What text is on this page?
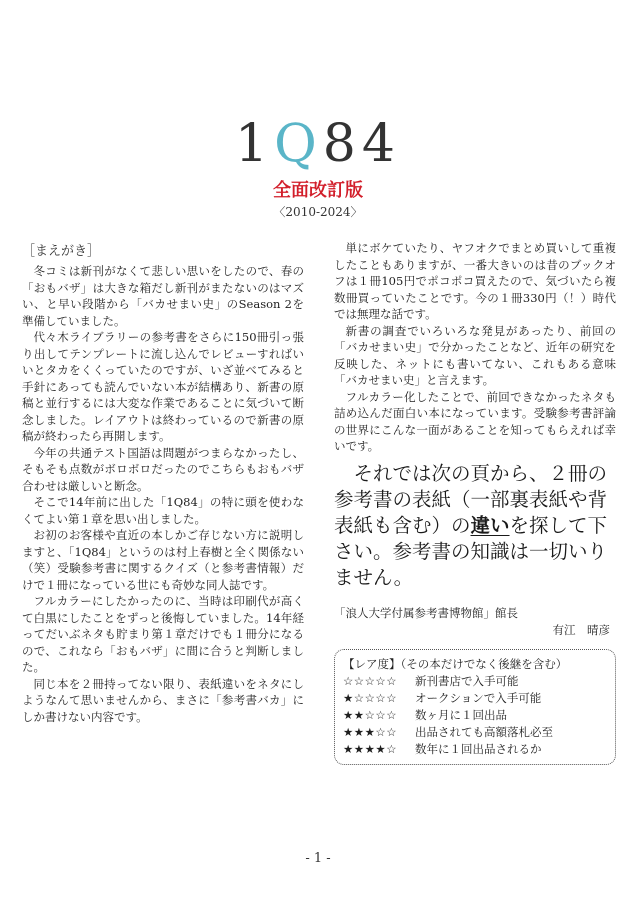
1Q84
全面改訂版
〈2010-2024〉
［まえがき］

冬コミは新刊がなくて悲しい思いをしたので、春の「おもバザ」は大きな箱だし新刊がまたないのはマズい、と早い段階から「バカせまい史」のSeason 2を準備していました。

代々木ライブラリーの参考書をさらに150冊引っ張り出してテンプレートに流し込んでレビューすればいいとタカをくくっていたのですが、いざ並べてみると手針にあっても読んでいない本が結構あり、新書の原稿と並行するには大変な作業であることに気づいて断念しました。レイアウトは終わっているので新書の原稿が終わったら再開します。

今年の共通テスト国語は問題がつまらなかったし、そもそも点数がボロボロだったのでこちらもおもバザ合わせは厳しいと断念。

そこで14年前に出した「1Q84」の特に頭を使わなくてよい第１章を思い出しました。

お初のお客様や直近の本しかご存じない方に説明しますと、「1Q84」というのは村上春樹と全く関係ない（笑）受験参考書に関するクイズ（と参考書情報）だけで１冊になっている世にも奇妙な同人誌です。

フルカラーにしたかったのに、当時は印刷代が高くて白黒にしたことをずっと後悔していました。14年経ってだいぶネタも貯まり第１章だけでも１冊分になるので、これなら「おもバザ」に間に合うと判断しました。

同じ本を２冊持ってない限り、表紙違いをネタにしようなんて思いませんから、まさに「参考書バカ」にしか書けない内容です。

単にボケていたり、ヤフオクでまとめ買いして重複したこともありますが、一番大きいのは昔のブックオフは１冊105円でポコポコ買えたので、気づいたら複数冊買っていたことです。今の１冊330円（！）時代では無理な話です。

新書の調査でいろいろな発見があったり、前回の「バカせまい史」で分かったことなど、近年の研究を反映した、ネットにも書いてない、これもある意味「バカせまい史」と言えます。

フルカラー化したことで、前回できなかったネタも詰め込んだ面白い本になっています。受験参考書評論の世界にこんな一面があることを知ってもらえれば幸いです。

それでは次の頁から、２冊の参考書の表紙（一部裏表紙や背表紙も含む）の違いを探して下さい。参考書の知識は一切いりません。
「浪人大学付属参考書博物館」館長
有江　晴彦
【レア度】（その本だけでなく後継を含む）
☆☆☆☆☆	新刊書店で入手可能
★☆☆☆☆	オークションで入手可能
★★☆☆☆	数ヶ月に１回出品
★★★☆☆	出品されても高額落札必至
★★★★☆	数年に１回出品されるか
- 1 -
